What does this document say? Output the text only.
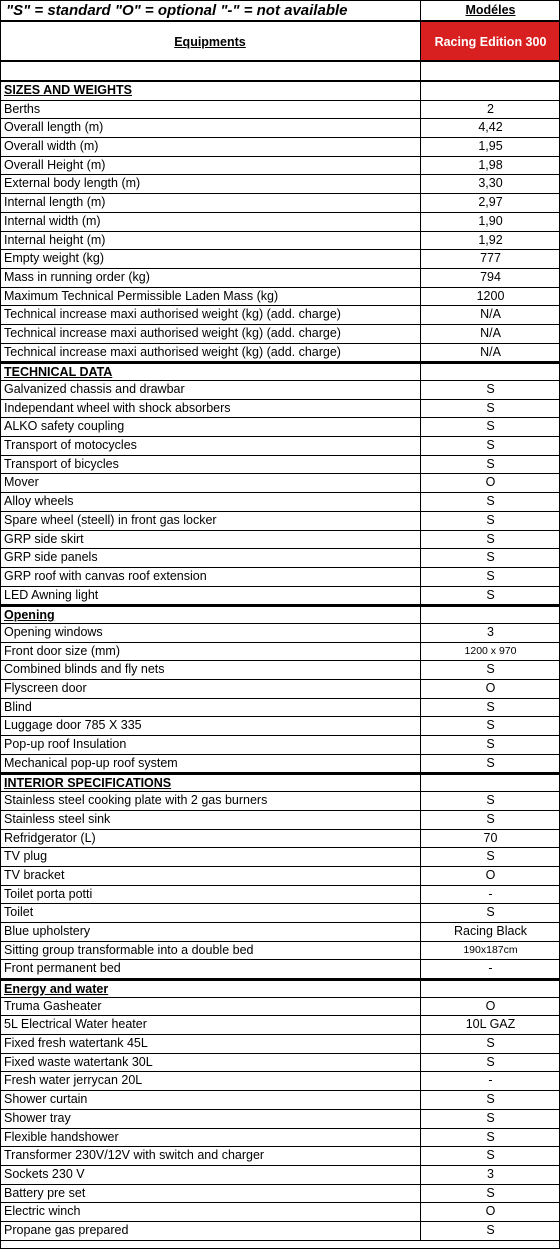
"S" = standard "O" = optional "-" = not available	Modéles
Equipments	Racing Edition 300
SIZES AND WEIGHTS
Berths	2
Overall length (m)	4,42
Overall width (m)	1,95
Overall Height (m)	1,98
External body length (m)	3,30
Internal length (m)	2,97
Internal width (m)	1,90
Internal height (m)	1,92
Empty weight (kg)	777
Mass in running order (kg)	794
Maximum Technical Permissible Laden Mass (kg)	1200
Technical increase maxi authorised weight (kg) (add. charge)	N/A
Technical increase maxi authorised weight (kg) (add. charge)	N/A
Technical increase maxi authorised weight (kg) (add. charge)	N/A
TECHNICAL DATA
Galvanized chassis and drawbar	S
Independant wheel with shock absorbers	S
ALKO safety coupling	S
Transport of motocycles	S
Transport of bicycles	S
Mover	O
Alloy wheels	S
Spare wheel (steell) in front gas locker	S
GRP side skirt	S
GRP side panels	S
GRP roof with canvas roof extension	S
LED Awning light	S
Opening
Opening windows	3
Front door size (mm)	1200 x 970
Combined blinds and fly nets	S
Flyscreen door	O
Blind	S
Luggage door 785 X 335	S
Pop-up roof Insulation	S
Mechanical pop-up roof system	S
INTERIOR SPECIFICATIONS
Stainless steel cooking plate with 2 gas burners	S
Stainless steel sink	S
Refridgerator (L)	70
TV plug	S
TV bracket	O
Toilet porta potti	-
Toilet	S
Blue upholstery	Racing Black
Sitting group transformable into a double bed	190x187cm
Front permanent bed	-
Energy and water
Truma Gasheater	O
5L Electrical Water heater	10L GAZ
Fixed fresh watertank 45L	S
Fixed waste watertank 30L	S
Fresh water jerrycan 20L	-
Shower curtain	S
Shower tray	S
Flexible handshower	S
Transformer 230V/12V with switch and charger	S
Sockets 230 V	3
Battery pre set	S
Electric winch	O
Propane gas prepared	S
